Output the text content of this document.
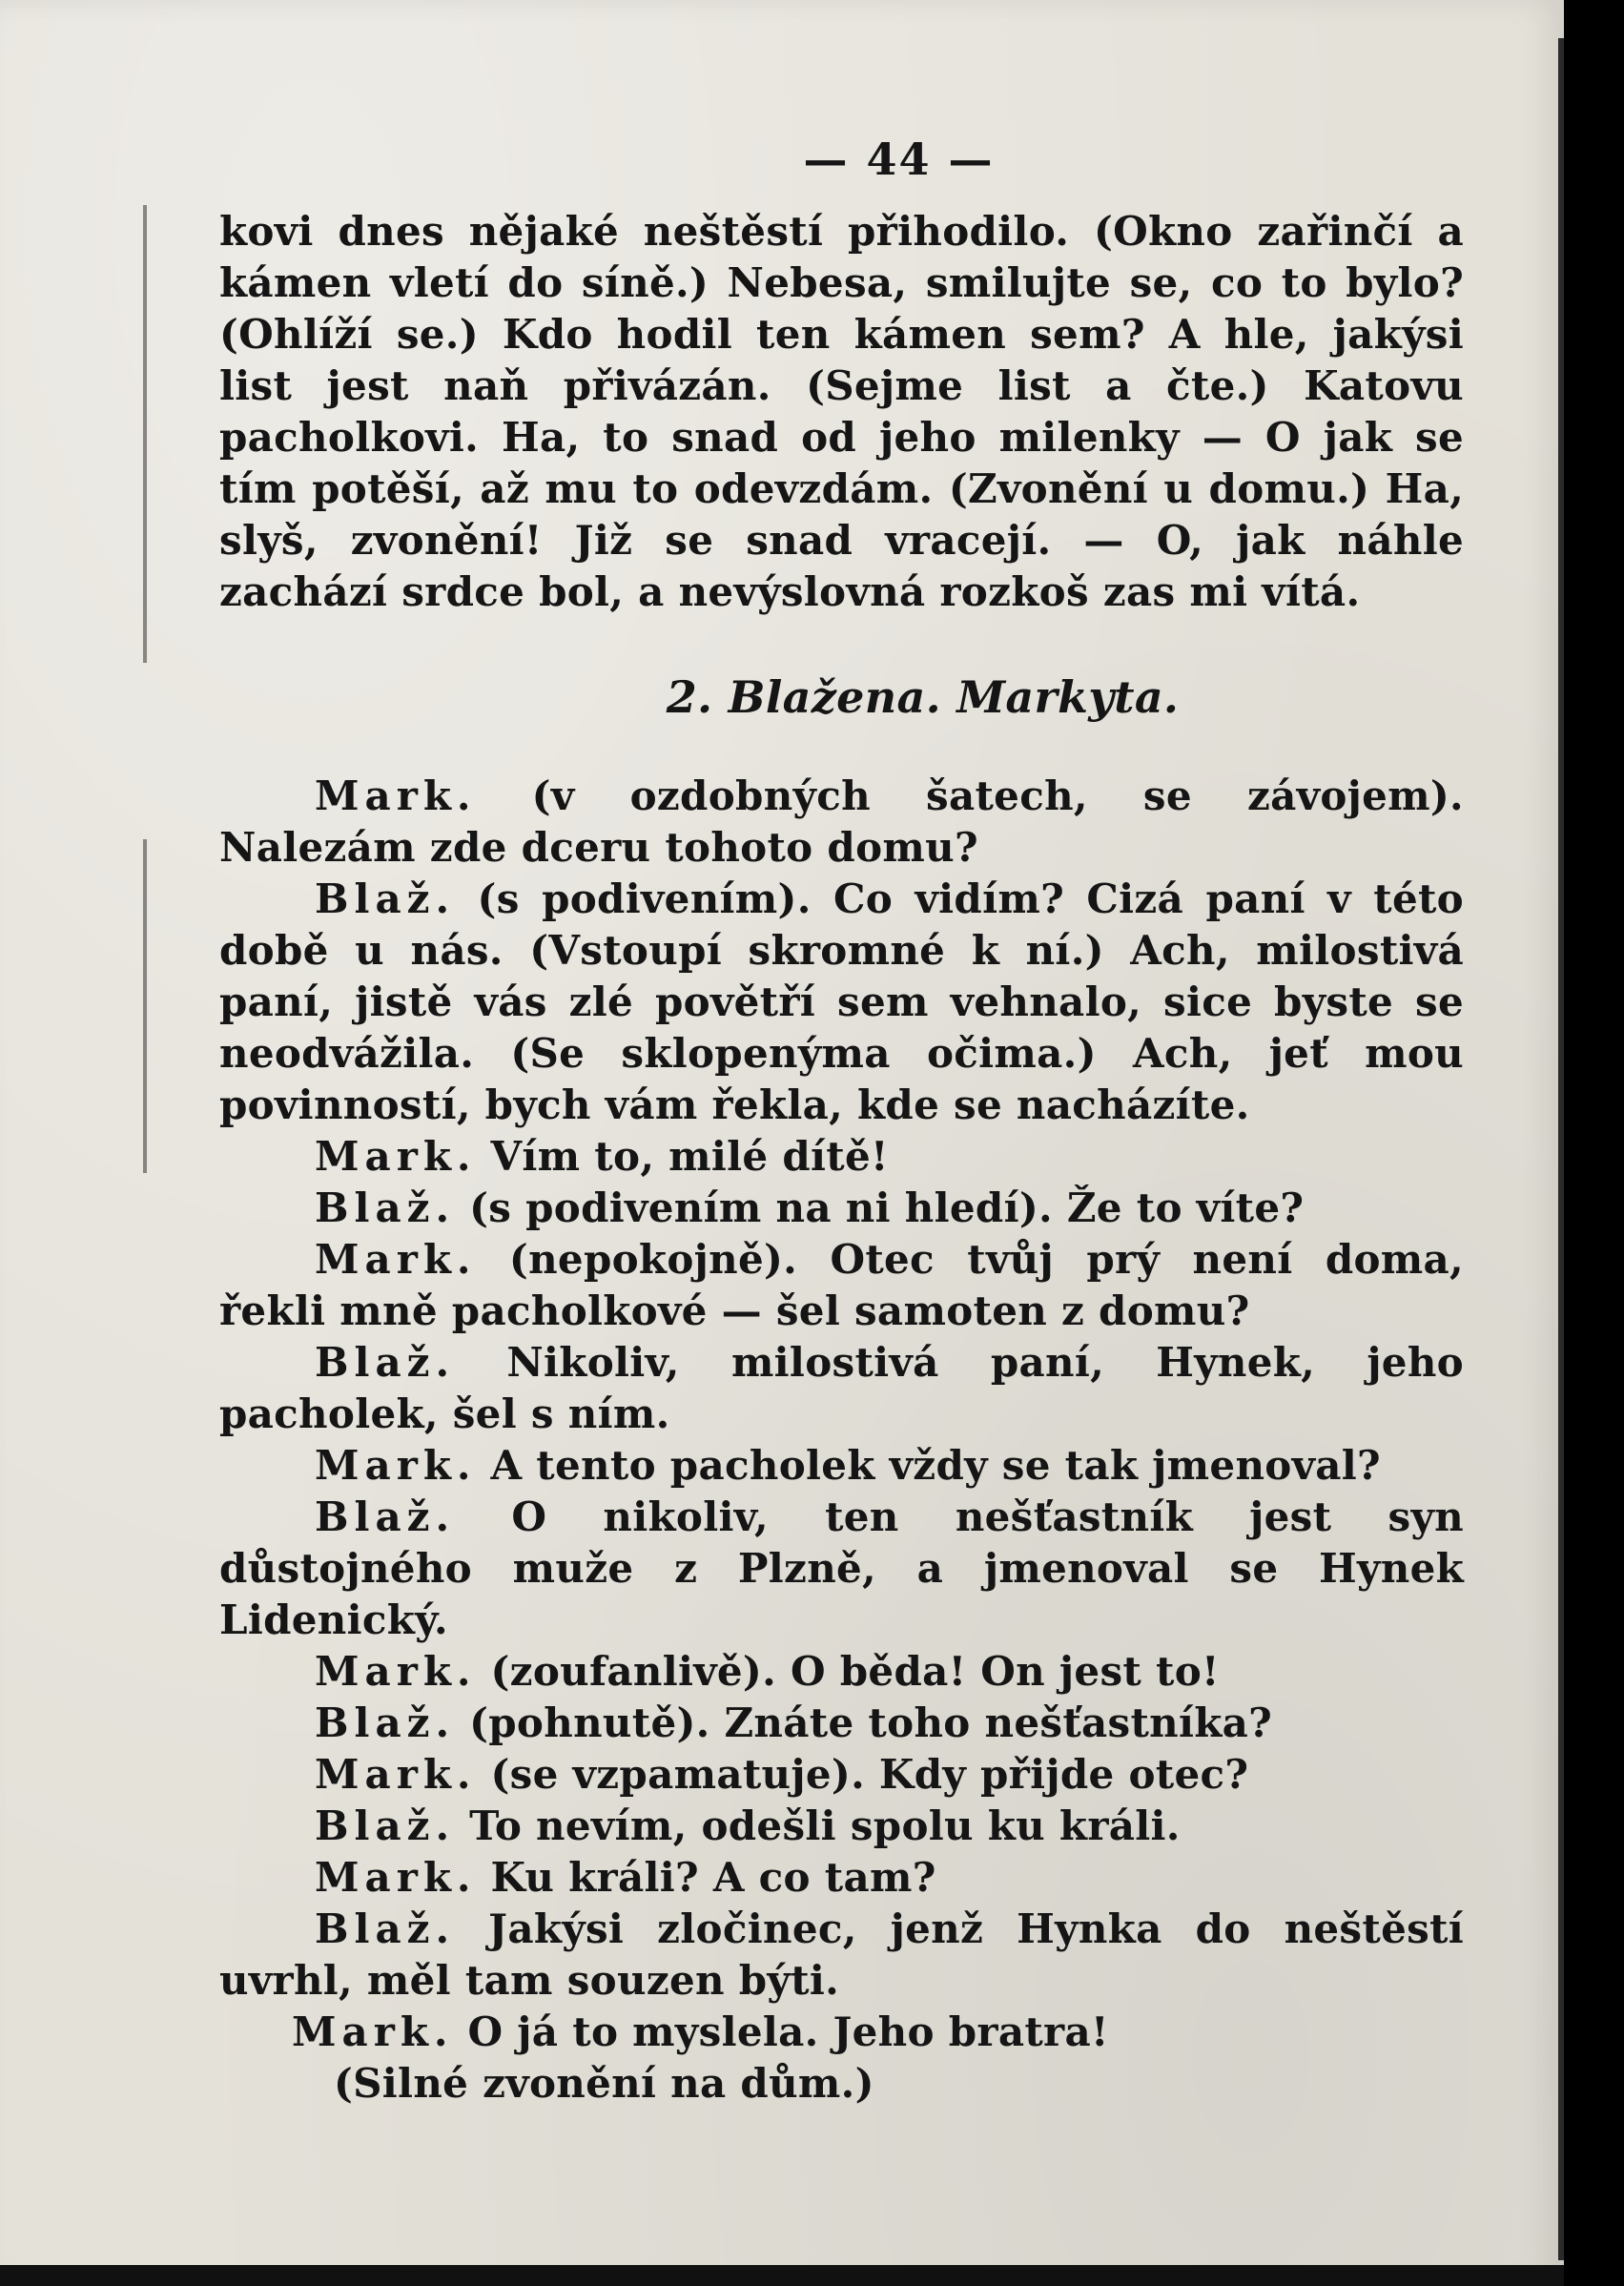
— 44 —

kovi dnes nějaké neštěstí přihodilo. (Okno zařinčí a kámen vletí do síně.) Nebesa, smilujte se, co to bylo? (Ohlíží se.) Kdo hodil ten kámen sem? A hle, jakýsi list jest naň přivázán. (Sejme list a čte.) Katovu pacholkovi. Ha, to snad od jeho milenky — O jak se tím potěší, až mu to odevzdám. (Zvonění u domu.) Ha, slyš, zvonění! Již se snad vracejí. — O, jak náhle zachází srdce bol, a nevýslovná rozkoš zas mi vítá.

2. Blažena. Markyta.

Mark. (v ozdobných šatech, se závojem). Nalezám zde dceru tohoto domu?

Blaž. (s podivením). Co vidím? Cizá paní v této době u nás. (Vstoupí skromné k ní.) Ach, milostivá paní, jistě vás zlé povětří sem vehnalo, sice byste se neodvážila. (Se sklopenýma očima.) Ach, jeť mou povinností, bych vám řekla, kde se nacházíte.

Mark. Vím to, milé dítě!

Blaž. (s podivením na ni hledí). Že to víte?

Mark. (nepokojně). Otec tvůj prý není doma, řekli mně pacholkové — šel samoten z domu?

Blaž. Nikoliv, milostivá paní, Hynek, jeho pacholek, šel s ním.

Mark. A tento pacholek vždy se tak jmenoval?

Blaž. O nikoliv, ten nešťastník jest syn důstojného muže z Plzně, a jmenoval se Hynek Lidenický.

Mark. (zoufanlivě). O běda! On jest to!

Blaž. (pohnutě). Znáte toho nešťastníka?

Mark. (se vzpamatuje). Kdy přijde otec?

Blaž. To nevím, odešli spolu ku králi.

Mark. Ku králi? A co tam?

Blaž. Jakýsi zločinec, jenž Hynka do neštěstí uvrhl, měl tam souzen býti.

Mark. O já to myslela. Jeho bratra!

(Silné zvonění na dům.)
